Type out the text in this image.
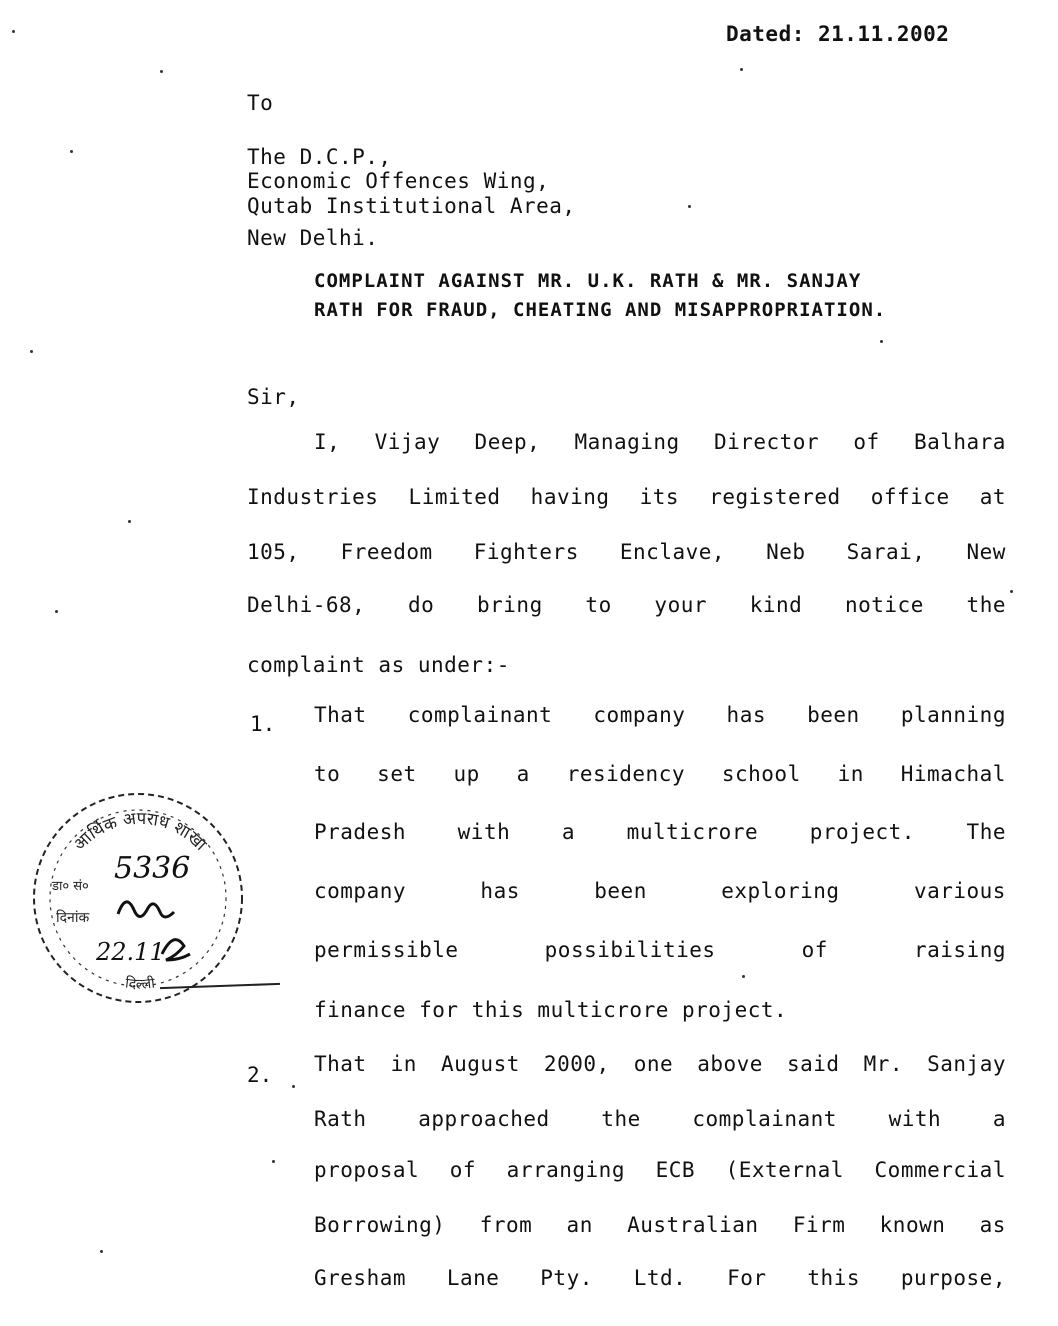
Dated: 21.11.2002
To
The D.C.P.,
Economic Offences Wing,
Qutab Institutional Area,
New Delhi.
COMPLAINT AGAINST MR. U.K. RATH & MR. SANJAY
RATH FOR FRAUD, CHEATING AND MISAPPROPRIATION.
Sir,
I, Vijay Deep, Managing Director of Balhara
Industries Limited having its registered office at
105, Freedom Fighters Enclave, Neb Sarai, New
Delhi-68, do bring to your kind notice the
complaint as under:-
1. That complainant company has been planning
to set up a residency school in Himachal
Pradesh with a multicrore project. The
company	has	been	exploring	various
permissible	possibilities	of	raising
finance for this multicrore project.
2. That in August 2000, one above said Mr. Sanjay
Rath approached the complainant with a
proposal of arranging ECB (External Commercial
Borrowing) from an Australian Firm known as
Gresham Lane Pty. Ltd. For this purpose,
आर्थिक अपराध शाखा
डा० सं०
5336
दिनांक
22.11
दिल्ली
